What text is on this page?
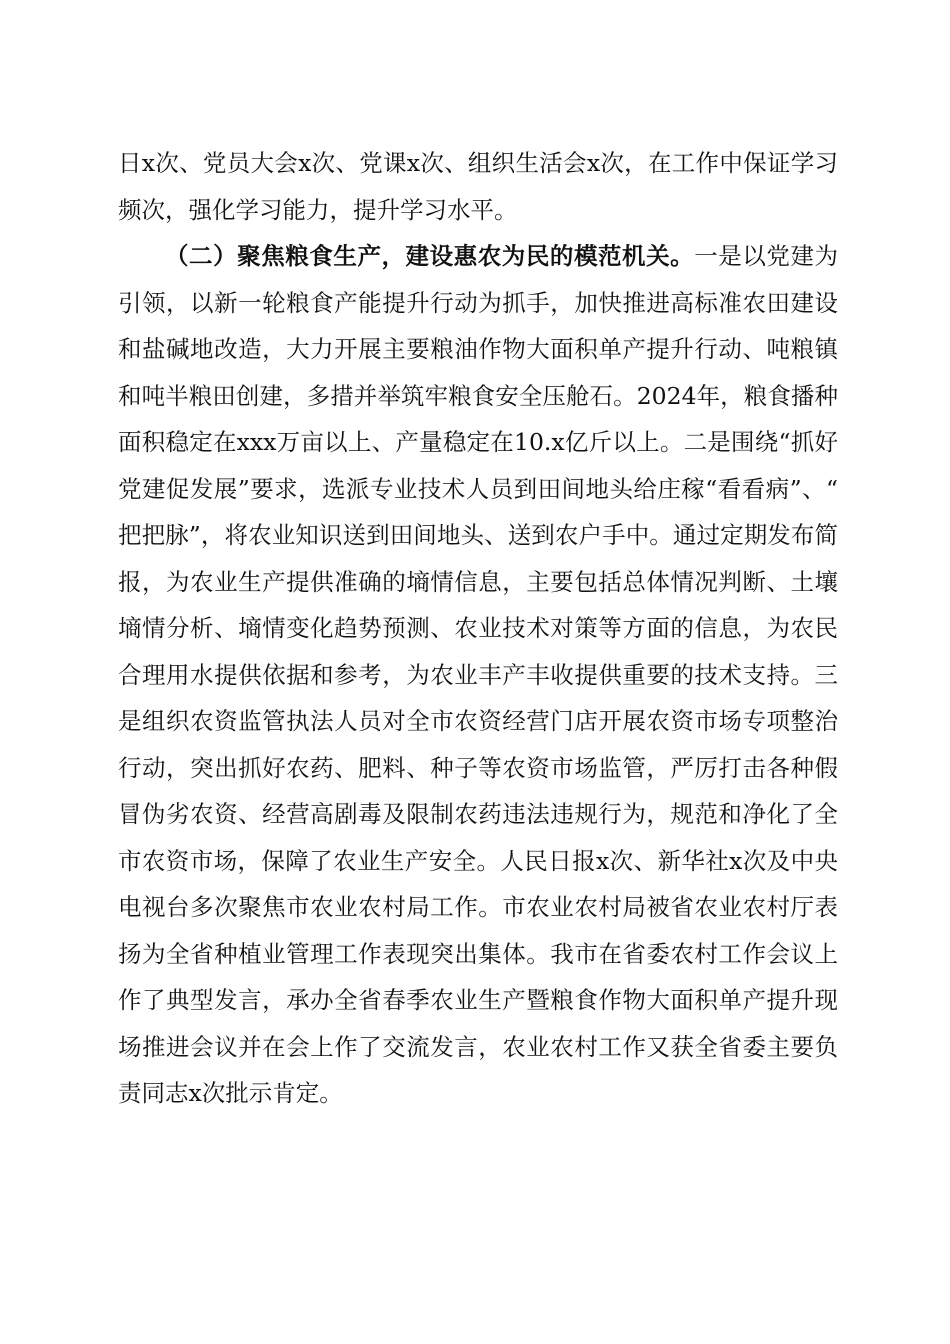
日x次、党员大会x次、党课x次、组织生活会x次，在工作中保证学习频次，强化学习能力，提升学习水平。

（二）聚焦粮食生产，建设惠农为民的模范机关。一是以党建为引领，以新一轮粮食产能提升行动为抓手，加快推进高标准农田建设和盐碱地改造，大力开展主要粮油作物大面积单产提升行动、吨粮镇和吨半粮田创建，多措并举筑牢粮食安全压舱石。2024年，粮食播种面积稳定在xxx万亩以上、产量稳定在10.x亿斤以上。二是围绕“抓好党建促发展”要求，选派专业技术人员到田间地头给庄稼“看看病”、“把把脉”，将农业知识送到田间地头、送到农户手中。通过定期发布简报，为农业生产提供准确的墒情信息，主要包括总体情况判断、土壤墒情分析、墒情变化趋势预测、农业技术对策等方面的信息，为农民合理用水提供依据和参考，为农业丰产丰收提供重要的技术支持。三是组织农资监管执法人员对全市农资经营门店开展农资市场专项整治行动，突出抓好农药、肥料、种子等农资市场监管，严厉打击各种假冒伪劣农资、经营高剧毒及限制农药违法违规行为，规范和净化了全市农资市场，保障了农业生产安全。人民日报x次、新华社x次及中央电视台多次聚焦市农业农村局工作。市农业农村局被省农业农村厅表扬为全省种植业管理工作表现突出集体。我市在省委农村工作会议上作了典型发言，承办全省春季农业生产暨粮食作物大面积单产提升现场推进会议并在会上作了交流发言，农业农村工作又获全省委主要负责同志x次批示肯定。
